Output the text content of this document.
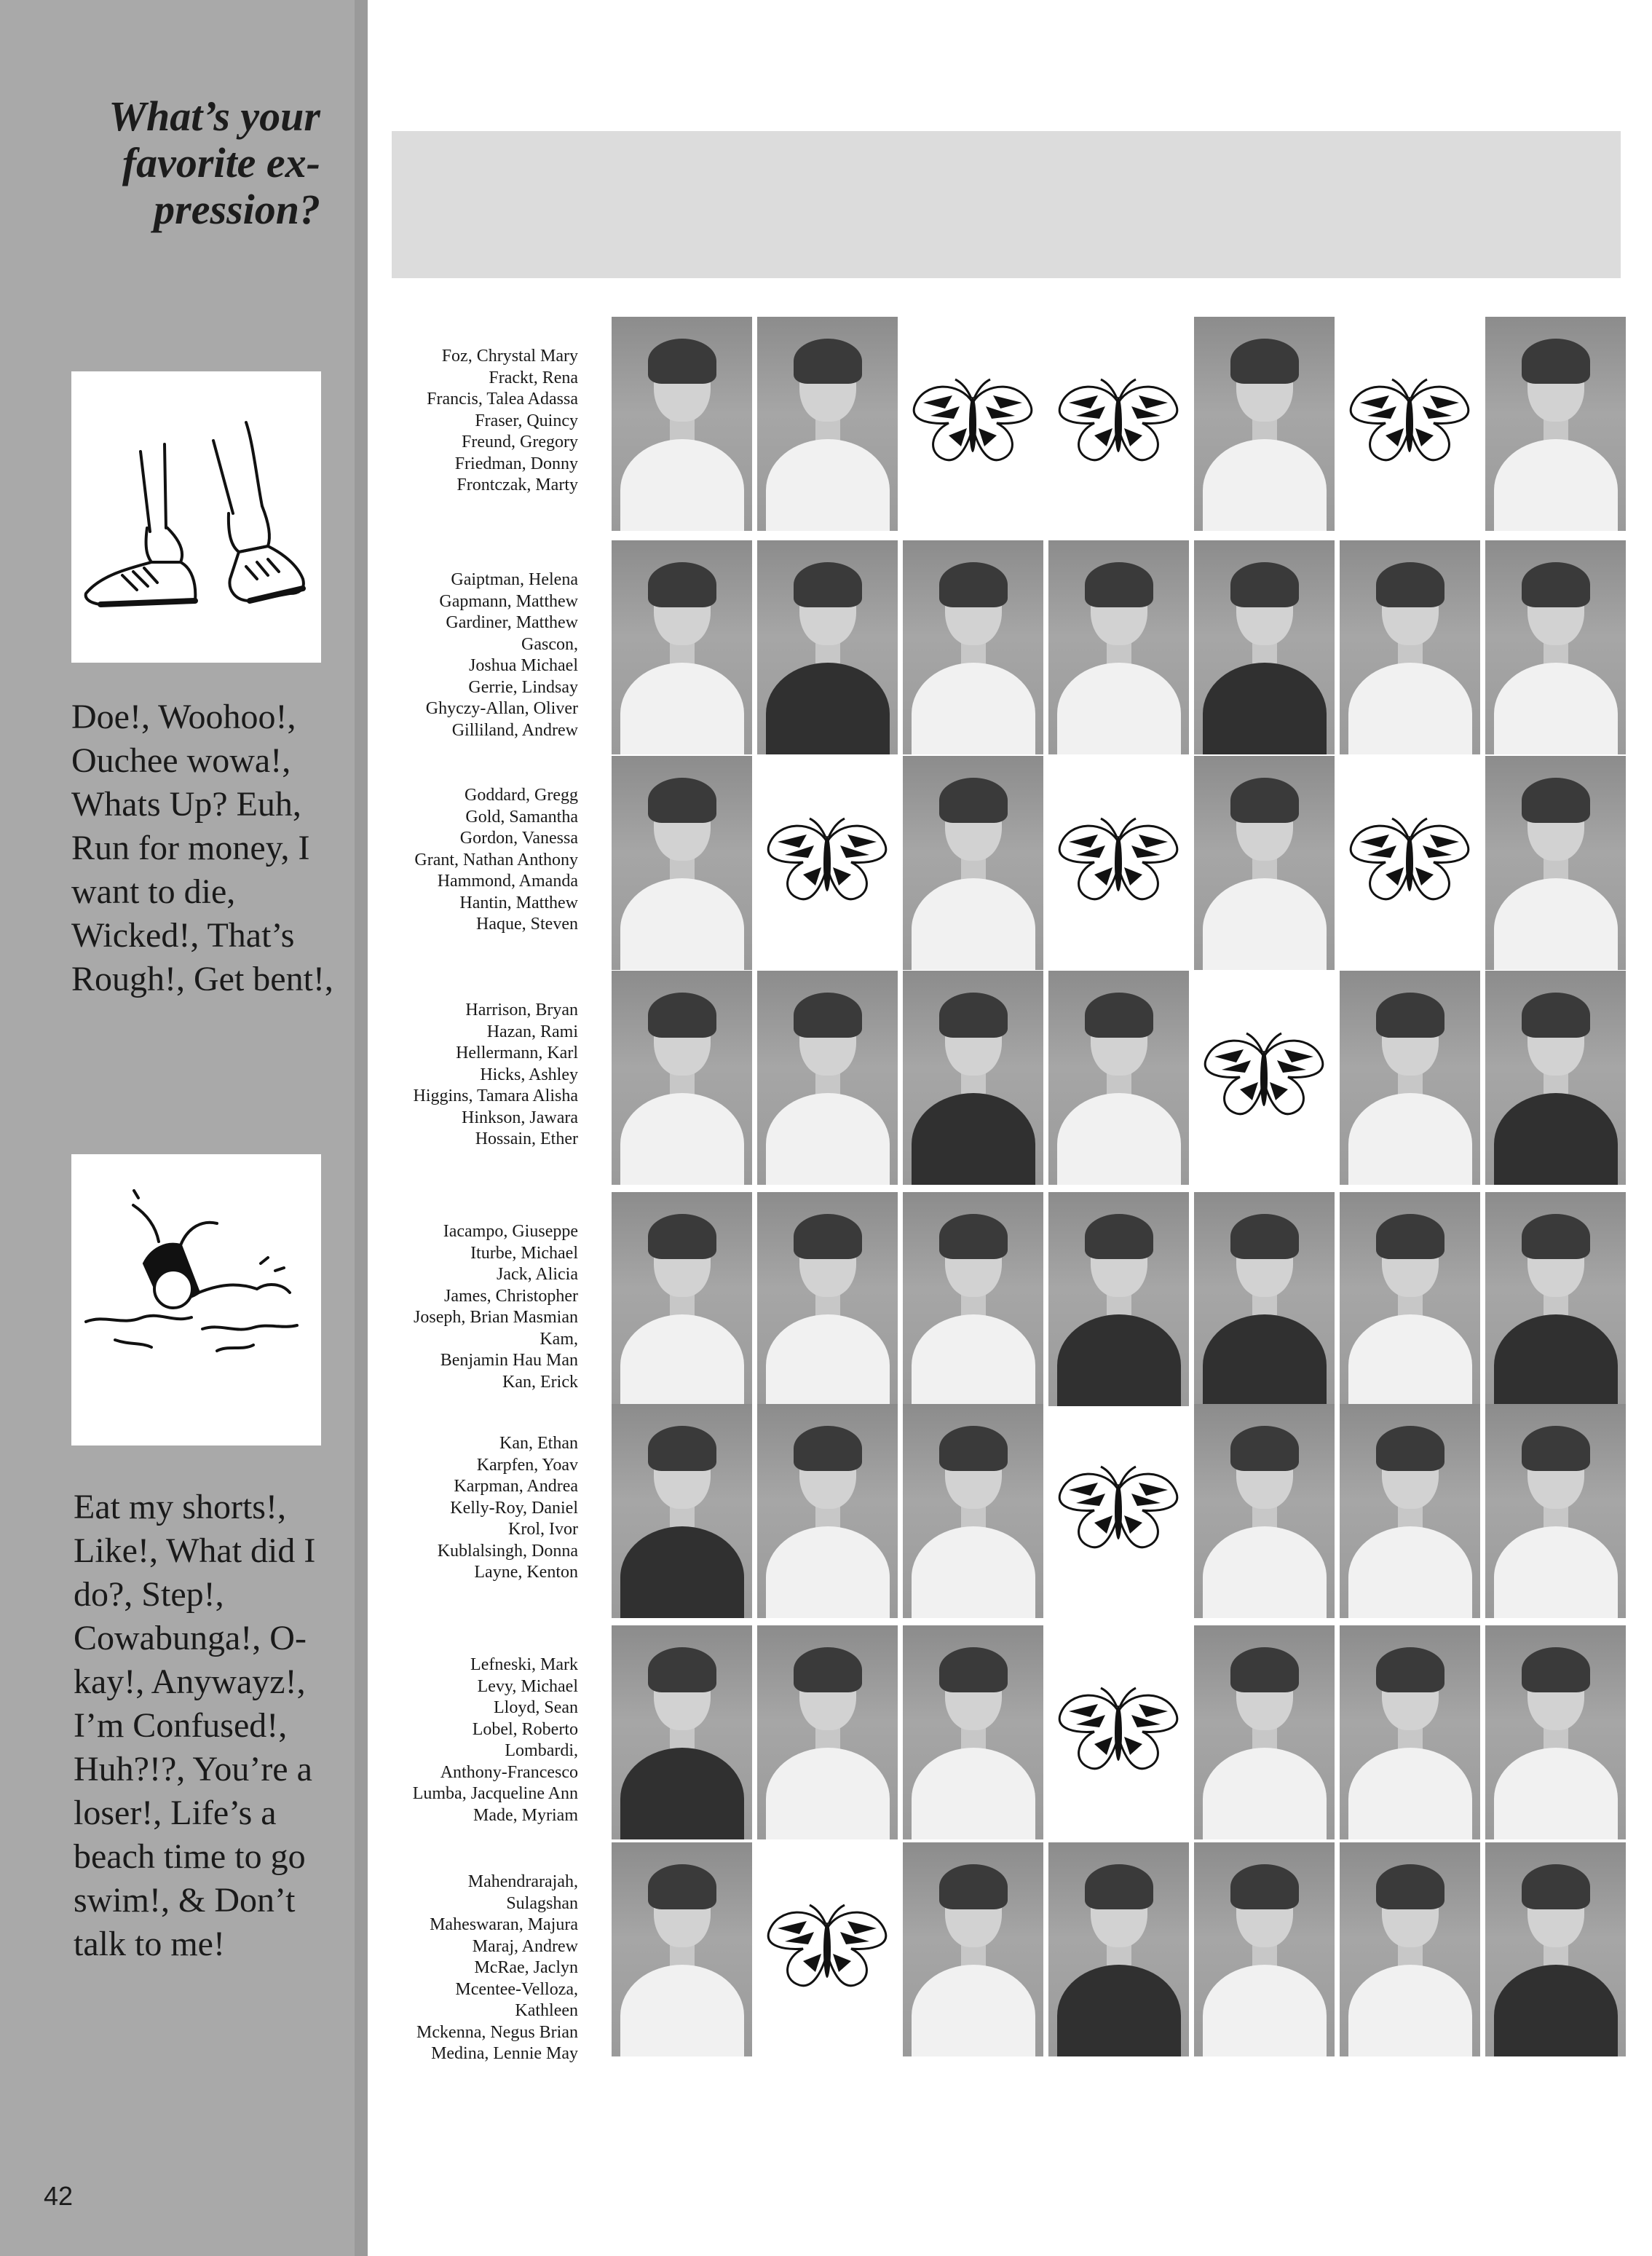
What’s your
favorite ex-
pression?
Doe!, Woohoo!, Ouchee wowa!, Whats Up? Euh, Run for money, I want to die, Wicked!, That’s Rough!, Get bent!,
Eat my shorts!, Like!, What did I do?, Step!, Cowabunga!, O-kay!, Anywayz!, I’m Confused!, Huh?!?, You’re a loser!, Life’s a beach time to go swim!, & Don’t talk to me!
42
Foz, Chrystal Mary
Frackt, Rena
Francis, Talea Adassa
Fraser, Quincy
Freund, Gregory
Friedman, Donny
Frontczak, Marty
Gaiptman, Helena
Gapmann, Matthew
Gardiner, Matthew
Gascon,
Joshua Michael
Gerrie, Lindsay
Ghyczy-Allan, Oliver
Gilliland, Andrew
Goddard, Gregg
Gold, Samantha
Gordon, Vanessa
Grant, Nathan Anthony
Hammond, Amanda
Hantin, Matthew
Haque, Steven
Harrison, Bryan
Hazan, Rami
Hellermann, Karl
Hicks, Ashley
Higgins, Tamara Alisha
Hinkson, Jawara
Hossain, Ether
Iacampo, Giuseppe
Iturbe, Michael
Jack, Alicia
James, Christopher
Joseph, Brian Masmian
Kam,
Benjamin Hau Man
Kan, Erick
Kan, Ethan
Karpfen, Yoav
Karpman, Andrea
Kelly-Roy, Daniel
Krol, Ivor
Kublalsingh, Donna
Layne, Kenton
Lefneski, Mark
Levy, Michael
Lloyd, Sean
Lobel, Roberto
Lombardi,
Anthony-Francesco
Lumba, Jacqueline Ann
Made, Myriam
Mahendrarajah,
Sulagshan
Maheswaran, Majura
Maraj, Andrew
McRae, Jaclyn
Mcentee-Velloza,
Kathleen
Mckenna, Negus Brian
Medina, Lennie May
